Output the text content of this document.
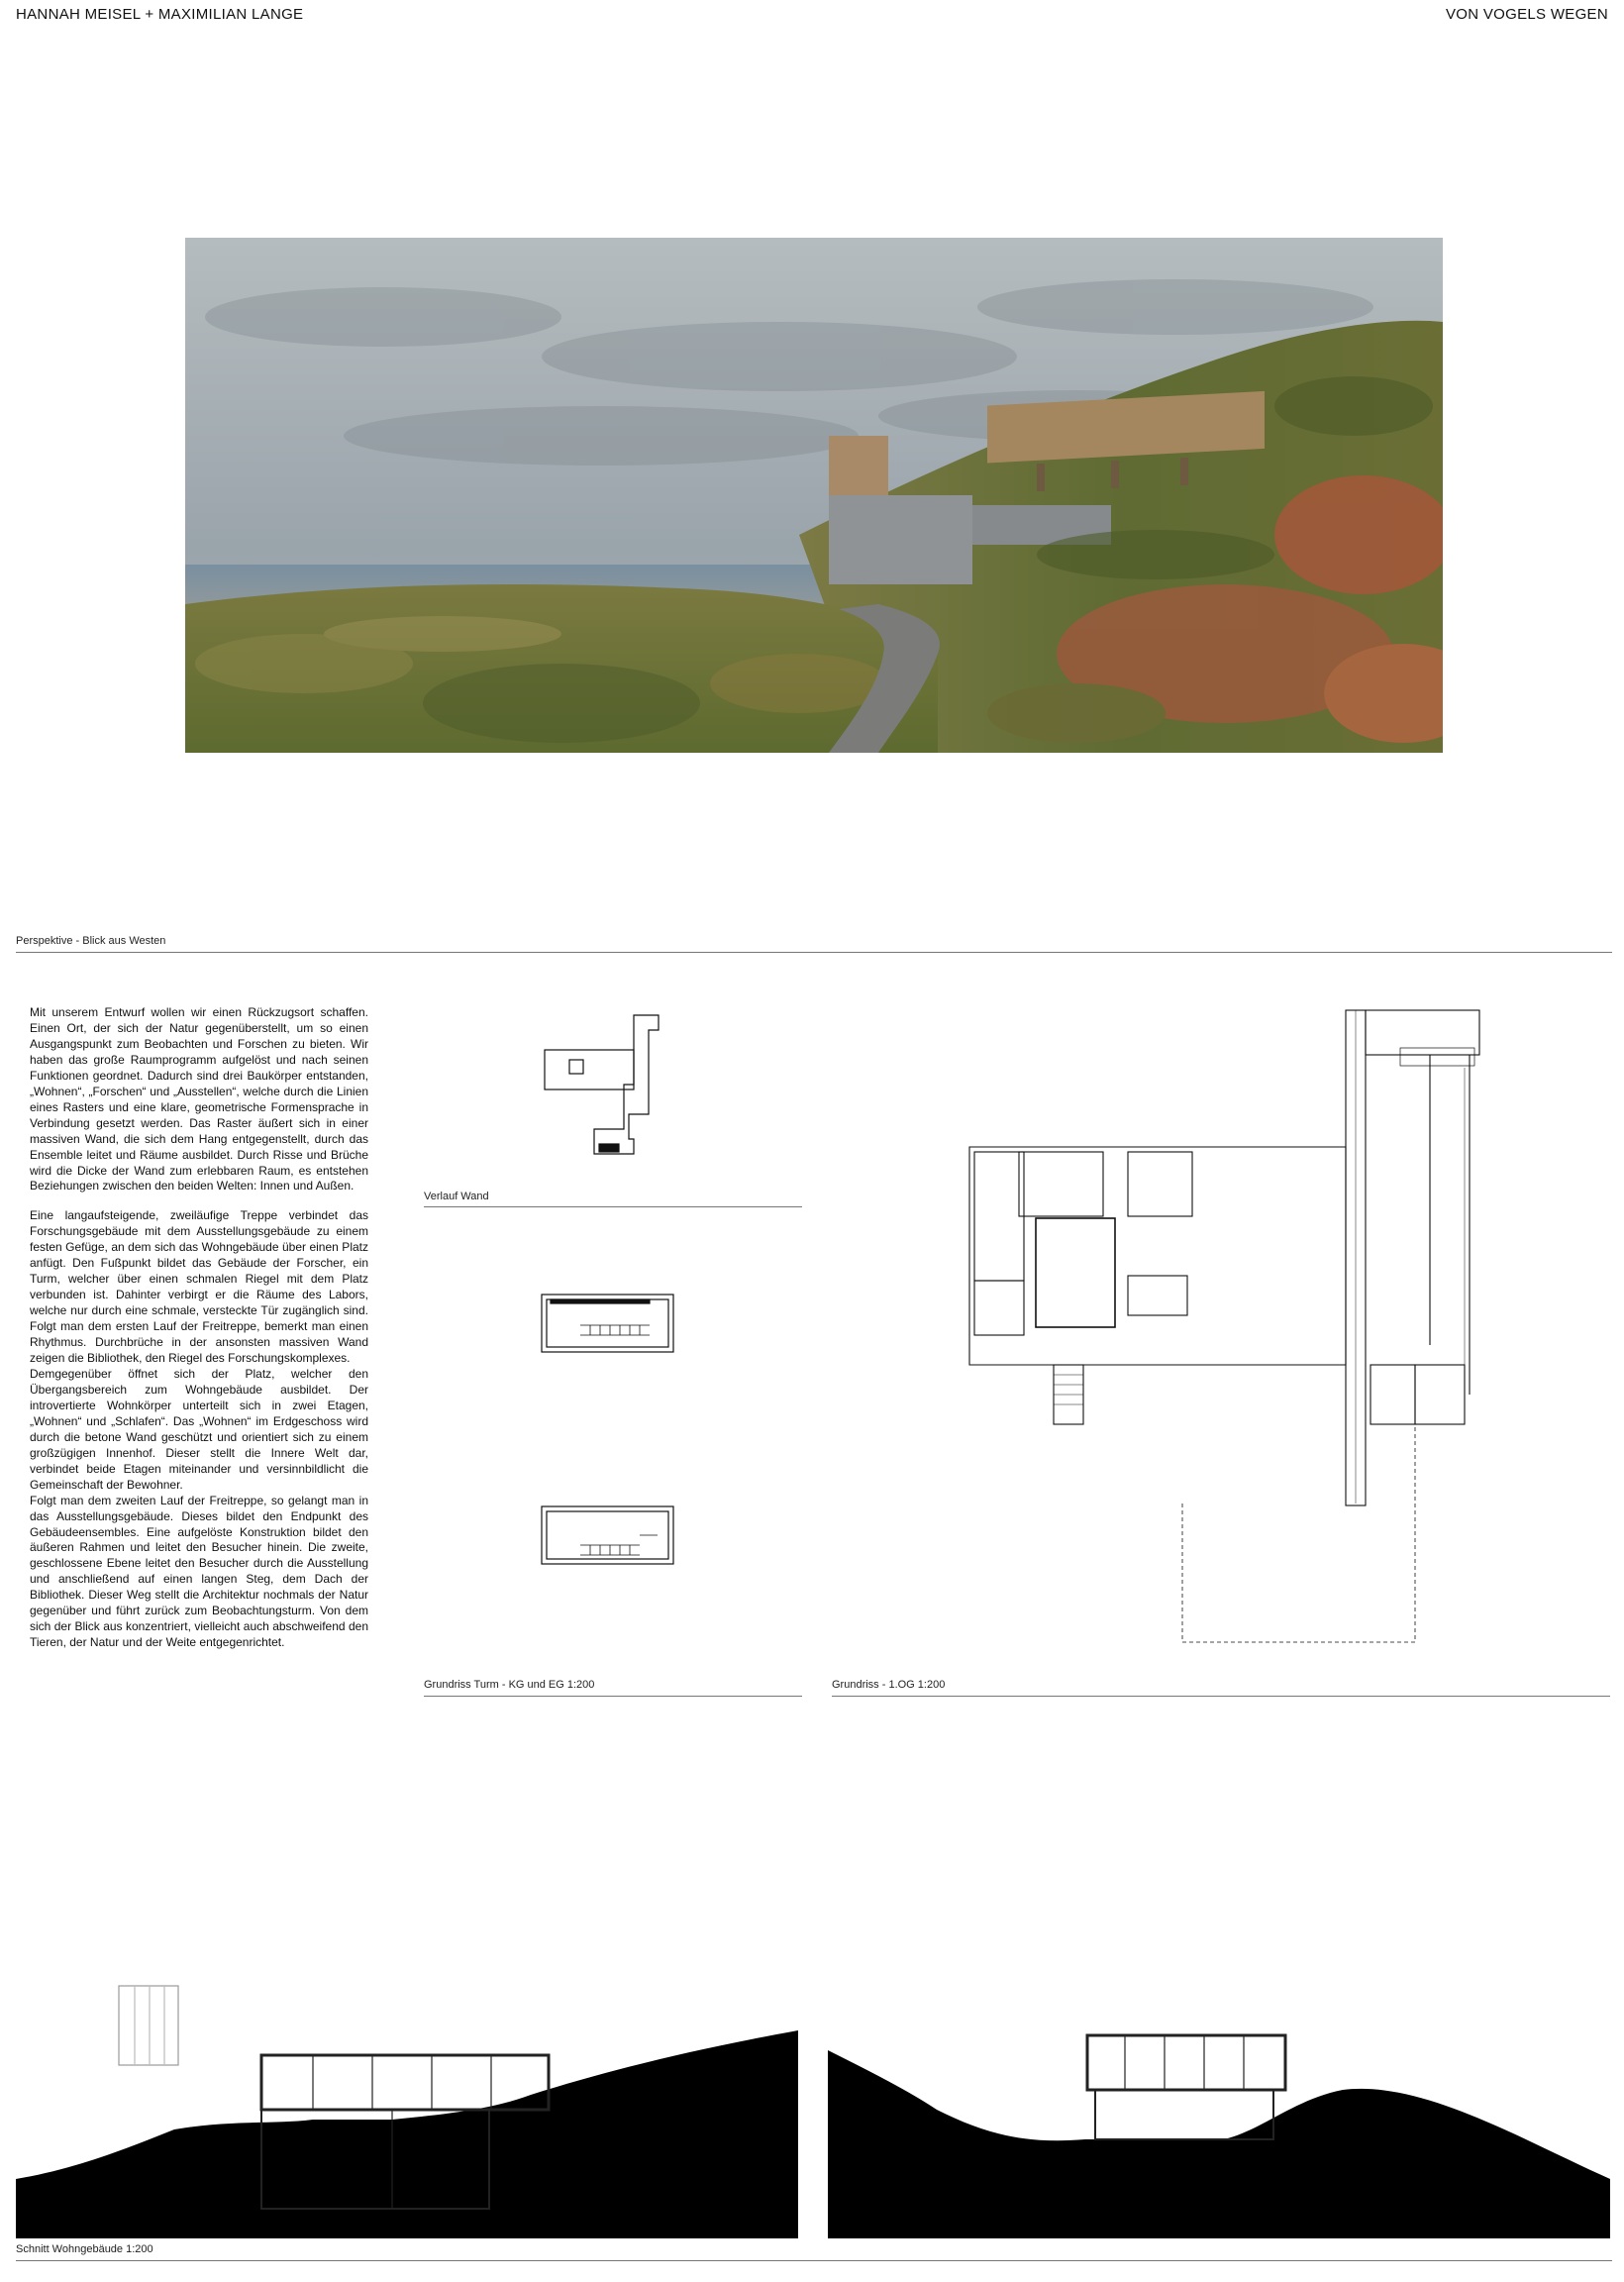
HANNAH MEISEL + MAXIMILIAN LANGE	VON VOGELS WEGEN
Perspektive - Blick aus Westen

Mit unserem Entwurf wollen wir einen Rückzugsort schaffen. Einen Ort, der sich der Natur gegenüberstellt, um so einen Ausgangspunkt zum Beobachten und Forschen zu bieten. Wir haben das große Raumprogramm aufgelöst und nach seinen Funktionen geordnet. Dadurch sind drei Baukörper entstanden, „Wohnen“, „Forschen“ und „Ausstellen“, welche durch die Linien eines Rasters und eine klare, geometrische Formensprache in Verbindung gesetzt werden. Das Raster äußert sich in einer massiven Wand, die sich dem Hang entgegenstellt, durch das Ensemble leitet und Räume ausbildet. Durch Risse und Brüche wird die Dicke der Wand zum erlebbaren Raum, es entstehen Beziehungen zwischen den beiden Welten: Innen und Außen.

Eine langaufsteigende, zweiläufige Treppe verbindet das Forschungsgebäude mit dem Ausstellungsgebäude zu einem festen Gefüge, an dem sich das Wohngebäude über einen Platz anfügt. Den Fußpunkt bildet das Gebäude der Forscher, ein Turm, welcher über einen schmalen Riegel mit dem Platz verbunden ist. Dahinter verbirgt er die Räume des Labors, welche nur durch eine schmale, versteckte Tür zugänglich sind. Folgt man dem ersten Lauf der Freitreppe, bemerkt man einen Rhythmus. Durchbrüche in der ansonsten massiven Wand zeigen die Bibliothek, den Riegel des Forschungskomplexes.

Demgegenüber öffnet sich der Platz, welcher den Übergangsbereich zum Wohngebäude ausbildet. Der introvertierte Wohnkörper unterteilt sich in zwei Etagen, „Wohnen“ und „Schlafen“. Das „Wohnen“ im Erdgeschoss wird durch die betone Wand geschützt und orientiert sich zu einem großzügigen Innenhof. Dieser stellt die Innere Welt dar, verbindet beide Etagen miteinander und versinnbildlicht die Gemeinschaft der Bewohner.

Folgt man dem zweiten Lauf der Freitreppe, so gelangt man in das Ausstellungsgebäude. Dieses bildet den Endpunkt des Gebäudeensembles. Eine aufgelöste Konstruktion bildet den äußeren Rahmen und leitet den Besucher hinein. Die zweite, geschlossene Ebene leitet den Besucher durch die Ausstellung und anschließend auf einen langen Steg, dem Dach der Bibliothek. Dieser Weg stellt die Architektur nochmals der Natur gegenüber und führt zurück zum Beobachtungsturm. Von dem sich der Blick aus konzentriert, vielleicht auch abschweifend den Tieren, der Natur und der Weite entgegenrichtet.

Verlauf Wand
Grundriss Turm - KG und EG 1:200	Grundriss - 1.OG 1:200
Schnitt Wohngebäude 1:200
